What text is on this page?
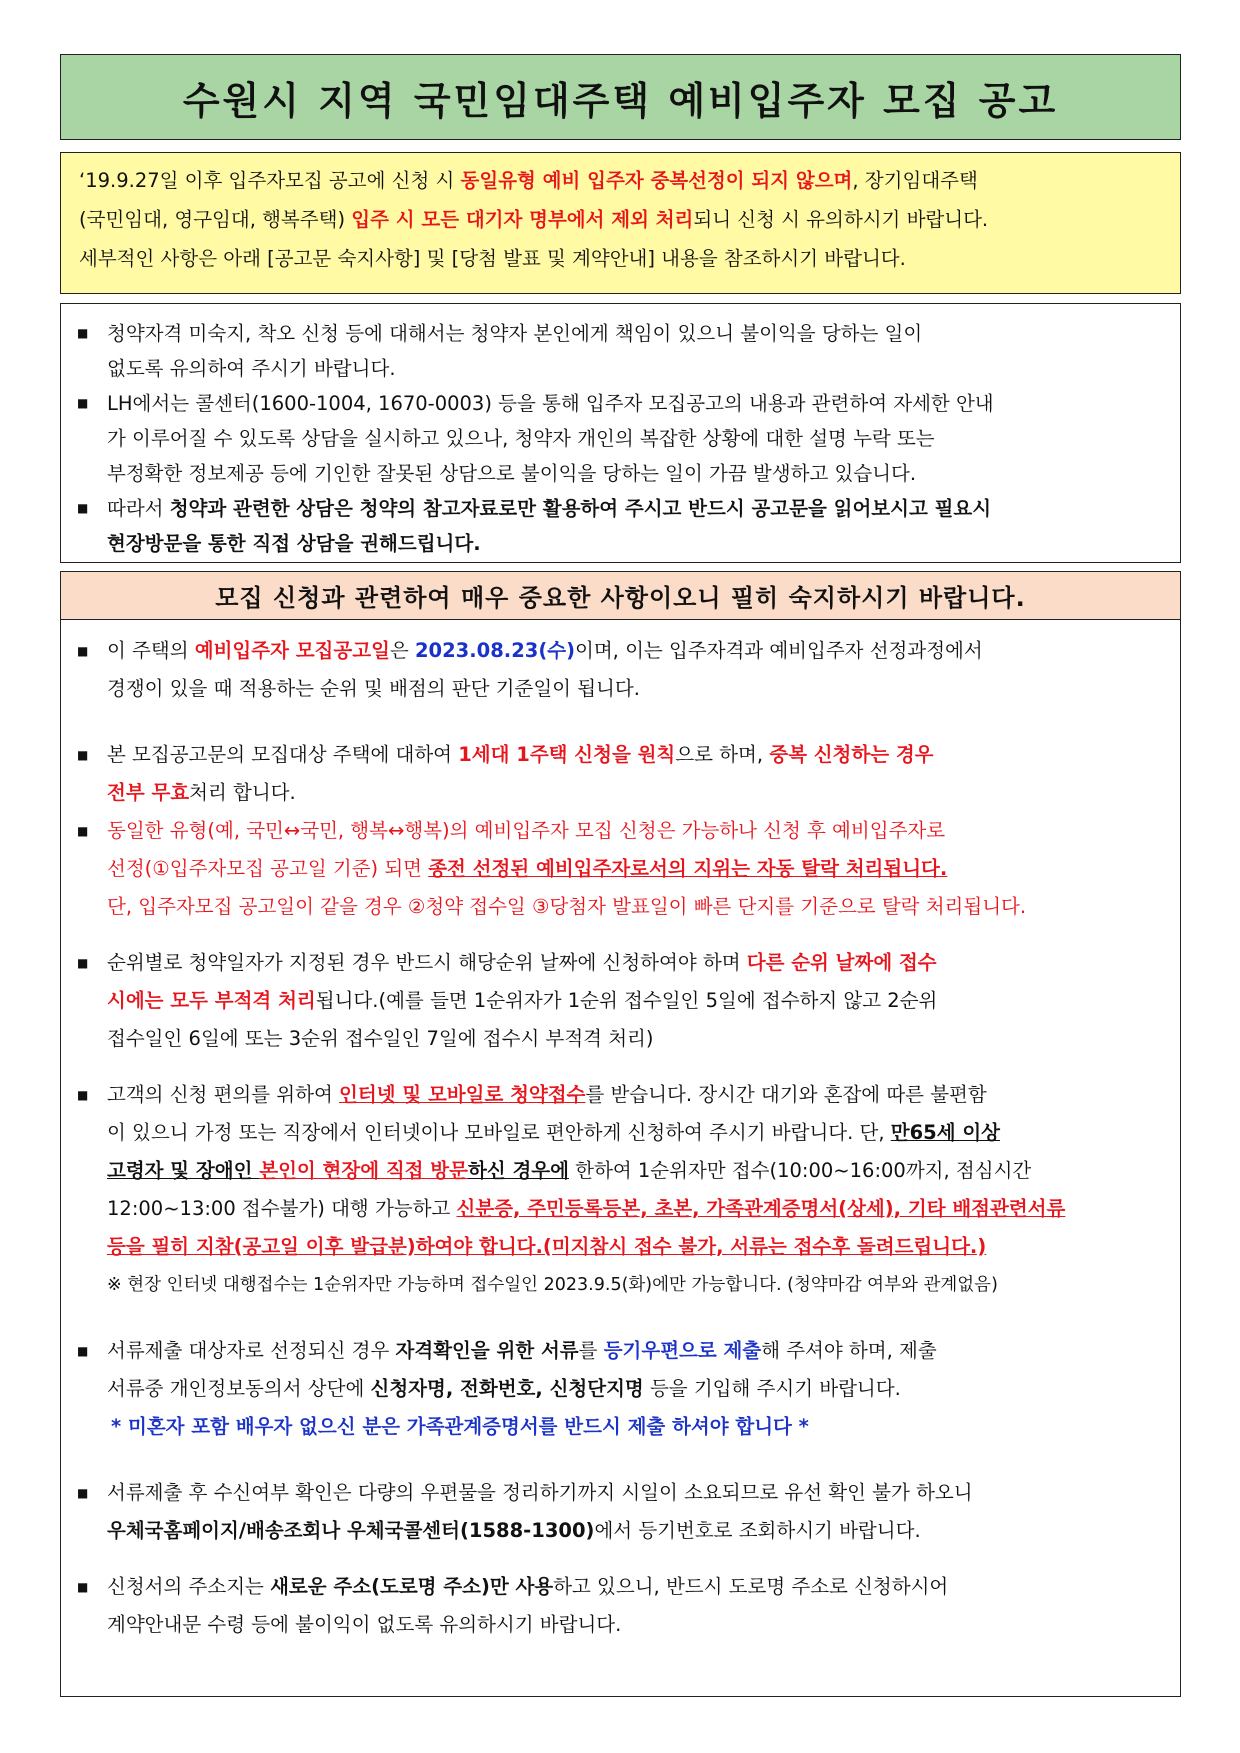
수원시 지역 국민임대주택 예비입주자 모집 공고

‘19.9.27일 이후 입주자모집 공고에 신청 시 동일유형 예비 입주자 중복선정이 되지 않으며, 장기임대주택

(국민임대, 영구임대, 행복주택) 입주 시 모든 대기자 명부에서 제외 처리되니 신청 시 유의하시기 바랍니다.

세부적인 사항은 아래 [공고문 숙지사항] 및 [당첨 발표 및 계약안내] 내용을 참조하시기 바랍니다.

■ 청약자격 미숙지, 착오 신청 등에 대해서는 청약자 본인에게 책임이 있으니 불이익을 당하는 일이
없도록 유의하여 주시기 바랍니다.
■ LH에서는 콜센터(1600-1004, 1670-0003) 등을 통해 입주자 모집공고의 내용과 관련하여 자세한 안내
가 이루어질 수 있도록 상담을 실시하고 있으나, 청약자 개인의 복잡한 상황에 대한 설명 누락 또는
부정확한 정보제공 등에 기인한 잘못된 상담으로 불이익을 당하는 일이 가끔 발생하고 있습니다.
■ 따라서 청약과 관련한 상담은 청약의 참고자료로만 활용하여 주시고 반드시 공고문을 읽어보시고 필요시
현장방문을 통한 직접 상담을 권해드립니다.
모집 신청과 관련하여 매우 중요한 사항이오니 필히 숙지하시기 바랍니다.
■ 이 주택의 예비입주자 모집공고일은 2023.08.23(수)이며, 이는 입주자격과 예비입주자 선정과정에서
경쟁이 있을 때 적용하는 순위 및 배점의 판단 기준일이 됩니다.
■ 본 모집공고문의 모집대상 주택에 대하여 1세대 1주택 신청을 원칙으로 하며, 중복 신청하는 경우
전부 무효처리 합니다.
■ 동일한 유형(예, 국민↔국민, 행복↔행복)의 예비입주자 모집 신청은 가능하나 신청 후 예비입주자로
선정(①입주자모집 공고일 기준) 되면 종전 선정된 예비입주자로서의 지위는 자동 탈락 처리됩니다.
단, 입주자모집 공고일이 같을 경우 ②청약 접수일 ③당첨자 발표일이 빠른 단지를 기준으로 탈락 처리됩니다.
■ 순위별로 청약일자가 지정된 경우 반드시 해당순위 날짜에 신청하여야 하며 다른 순위 날짜에 접수
시에는 모두 부적격 처리됩니다.(예를 들면 1순위자가 1순위 접수일인 5일에 접수하지 않고 2순위
접수일인 6일에 또는 3순위 접수일인 7일에 접수시 부적격 처리)
■ 고객의 신청 편의를 위하여 인터넷 및 모바일로 청약접수를 받습니다. 장시간 대기와 혼잡에 따른 불편함
이 있으니 가정 또는 직장에서 인터넷이나 모바일로 편안하게 신청하여 주시기 바랍니다. 단, 만65세 이상
고령자 및 장애인 본인이 현장에 직접 방문하신 경우에 한하여 1순위자만 접수(10:00~16:00까지, 점심시간
12:00~13:00 접수불가) 대행 가능하고 신분증, 주민등록등본, 초본, 가족관계증명서(상세), 기타 배점관련서류
등을 필히 지참(공고일 이후 발급분)하여야 합니다.(미지참시 접수 불가, 서류는 접수후 돌려드립니다.)
※ 현장 인터넷 대행접수는 1순위자만 가능하며 접수일인 2023.9.5(화)에만 가능합니다. (청약마감 여부와 관계없음)
■ 서류제출 대상자로 선정되신 경우 자격확인을 위한 서류를 등기우편으로 제출해 주셔야 하며, 제출
서류중 개인정보동의서 상단에 신청자명, 전화번호, 신청단지명 등을 기입해 주시기 바랍니다.
* 미혼자 포함 배우자 없으신 분은 가족관계증명서를 반드시 제출 하셔야 합니다 *
■ 서류제출 후 수신여부 확인은 다량의 우편물을 정리하기까지 시일이 소요되므로 유선 확인 불가 하오니
우체국홈페이지/배송조회나 우체국콜센터(1588-1300)에서 등기번호로 조회하시기 바랍니다.
■ 신청서의 주소지는 새로운 주소(도로명 주소)만 사용하고 있으니, 반드시 도로명 주소로 신청하시어
계약안내문 수령 등에 불이익이 없도록 유의하시기 바랍니다.
